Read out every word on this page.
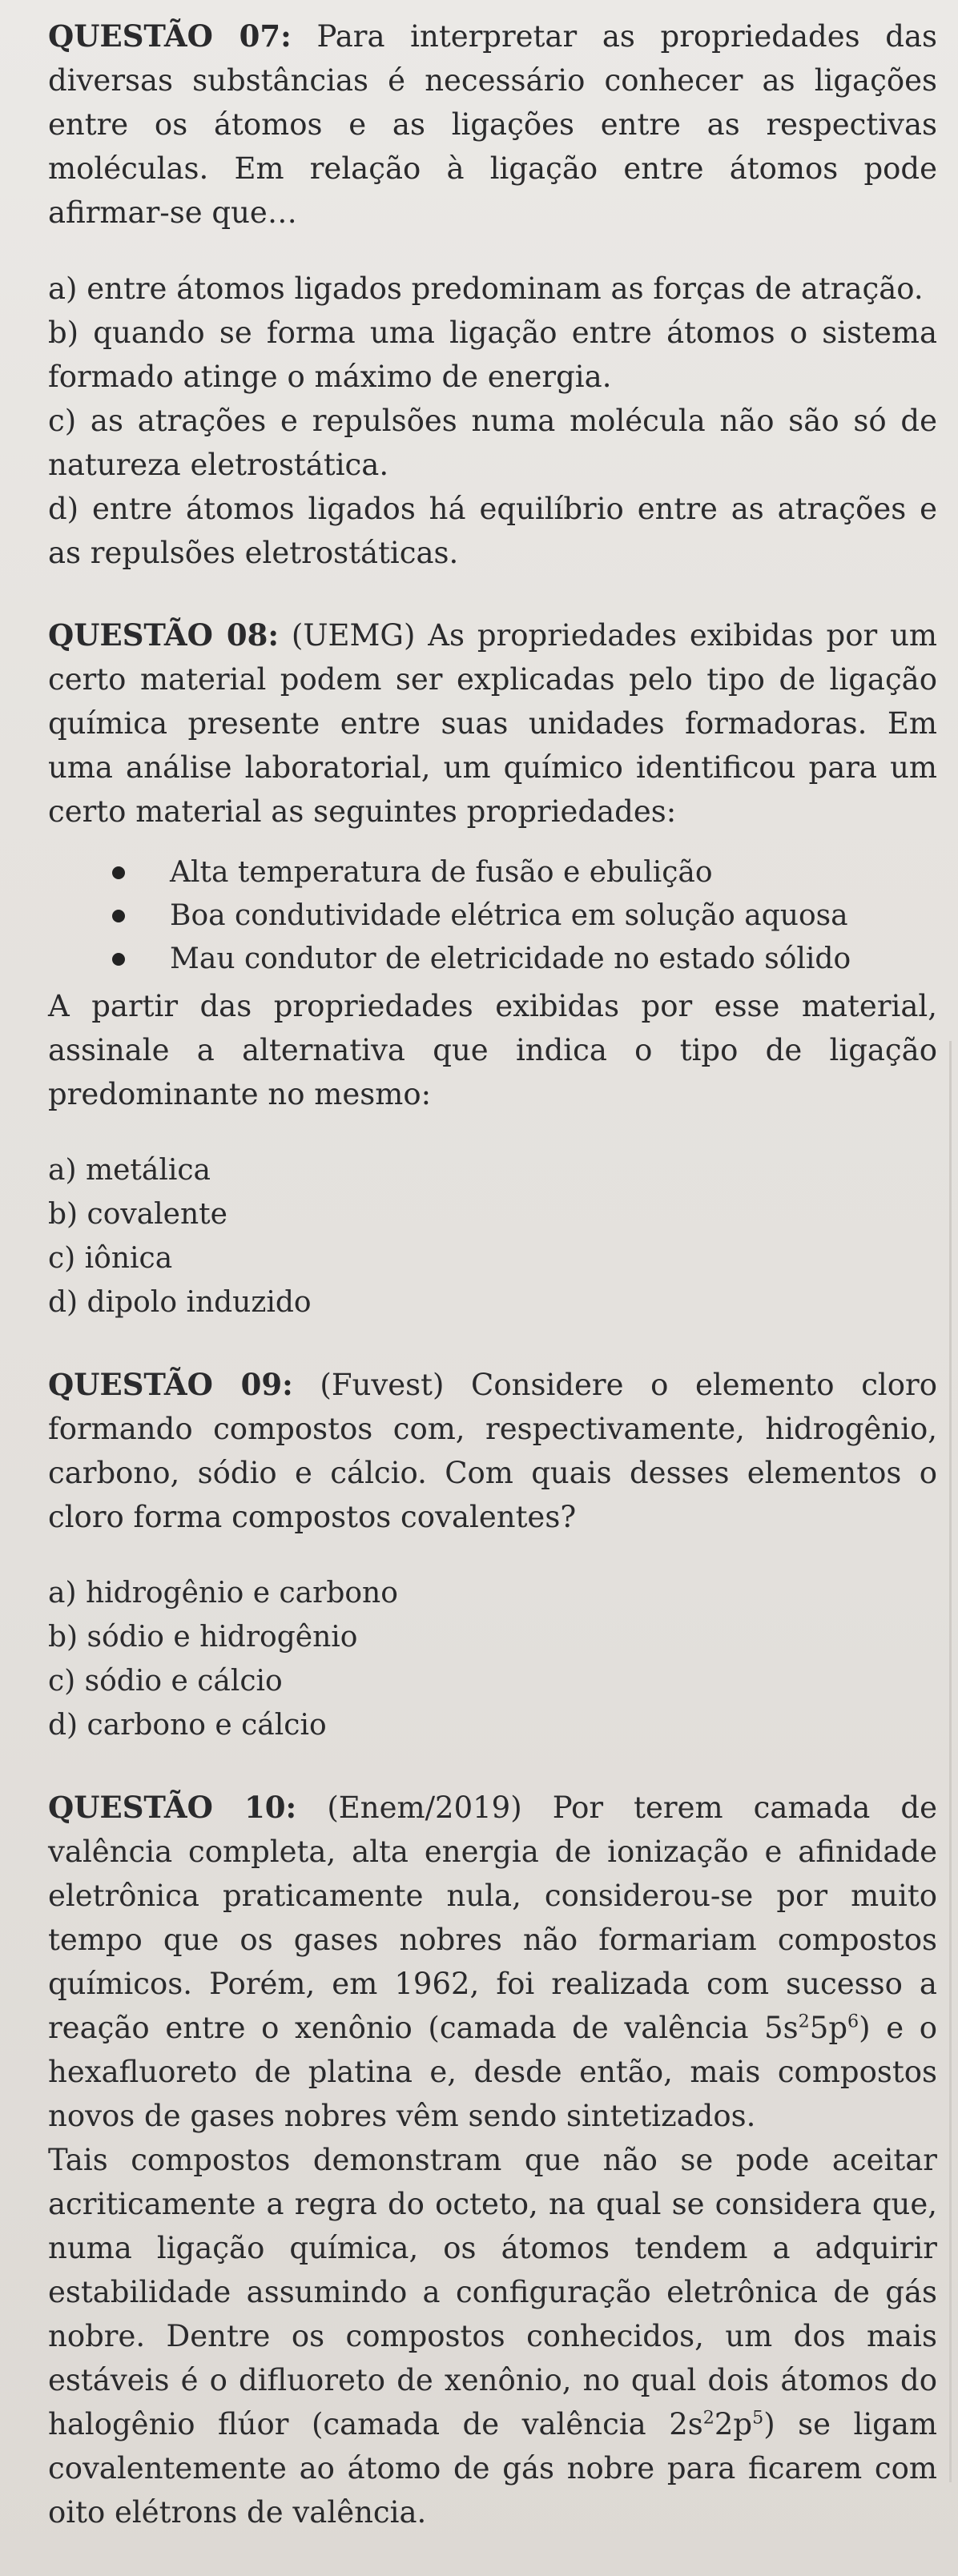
QUESTÃO 07: Para interpretar as propriedades das diversas substâncias é necessário conhecer as ligações entre os átomos e as ligações entre as respectivas moléculas. Em relação à ligação entre átomos pode afirmar-se que…

a) entre átomos ligados predominam as forças de atração.
b) quando se forma uma ligação entre átomos o sistema formado atinge o máximo de energia.
c) as atrações e repulsões numa molécula não são só de natureza eletrostática.
d) entre átomos ligados há equilíbrio entre as atrações e as repulsões eletrostáticas.

QUESTÃO 08: (UEMG) As propriedades exibidas por um certo material podem ser explicadas pelo tipo de ligação química presente entre suas unidades formadoras. Em uma análise laboratorial, um químico identificou para um certo material as seguintes propriedades:

Alta temperatura de fusão e ebulição
Boa condutividade elétrica em solução aquosa
Mau condutor de eletricidade no estado sólido

A partir das propriedades exibidas por esse material, assinale a alternativa que indica o tipo de ligação predominante no mesmo:

a) metálica
b) covalente
c) iônica
d) dipolo induzido

QUESTÃO 09: (Fuvest) Considere o elemento cloro formando compostos com, respectivamente, hidrogênio, carbono, sódio e cálcio. Com quais desses elementos o cloro forma compostos covalentes?

a) hidrogênio e carbono
b) sódio e hidrogênio
c) sódio e cálcio
d) carbono e cálcio

QUESTÃO 10: (Enem/2019) Por terem camada de valência completa, alta energia de ionização e afinidade eletrônica praticamente nula, considerou-se por muito tempo que os gases nobres não formariam compostos químicos. Porém, em 1962, foi realizada com sucesso a reação entre o xenônio (camada de valência $5s^25p^6$) e o hexafluoreto de platina e, desde então, mais compostos novos de gases nobres vêm sendo sintetizados.

Tais compostos demonstram que não se pode aceitar acriticamente a regra do octeto, na qual se considera que, numa ligação química, os átomos tendem a adquirir estabilidade assumindo a configuração eletrônica de gás nobre. Dentre os compostos conhecidos, um dos mais estáveis é o difluoreto de xenônio, no qual dois átomos do halogênio flúor (camada de valência $2s^22p^5$) se ligam covalentemente ao átomo de gás nobre para ficarem com oito elétrons de valência.
